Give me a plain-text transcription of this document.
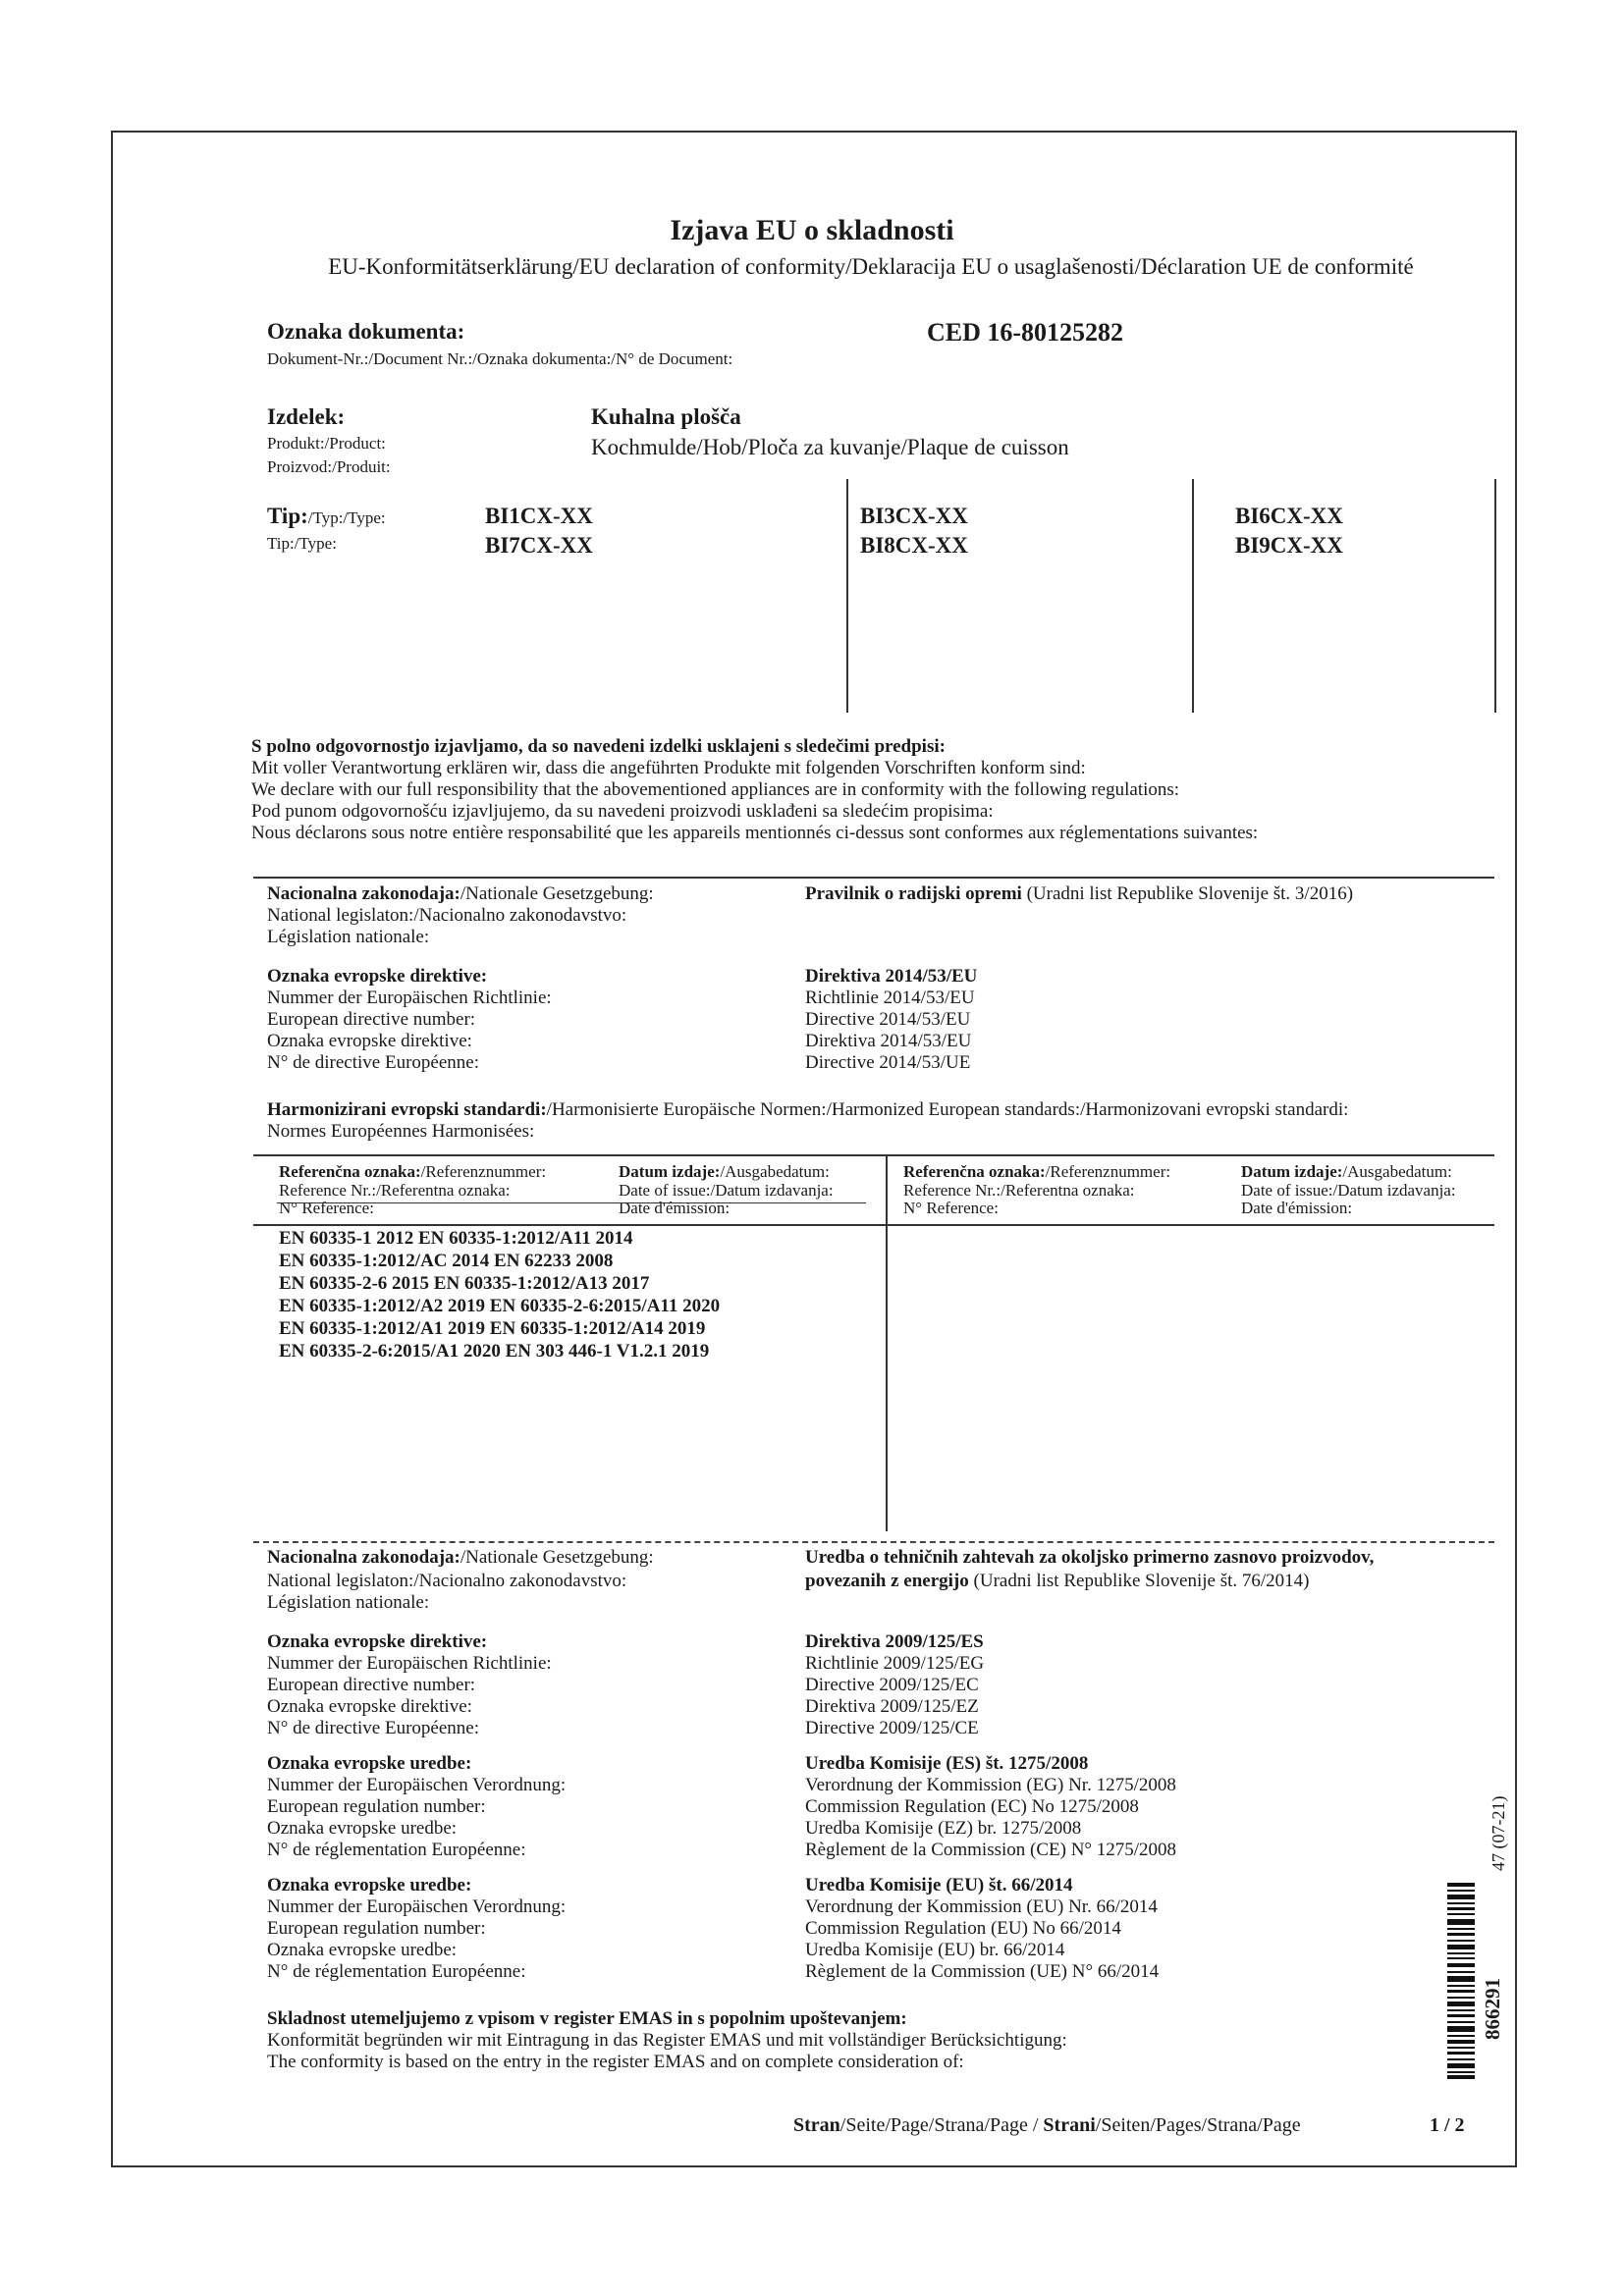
Izjava EU o skladnosti
EU-Konformitätserklärung/EU declaration of conformity/Deklaracija EU o usaglašenosti/Déclaration UE de conformité
Oznaka dokumenta:
Dokument-Nr.:/Document Nr.:/Oznaka dokumenta:/N° de Document:
CED 16-80125282
Izdelek:
Produkt:/Product:
Proizvod:/Produit:
Kuhalna plošča
Kochmulde/Hob/Ploča za kuvanje/Plaque de cuisson
Tip:/Typ:/Type:
Tip:/Type:
BI1CX-XX
BI7CX-XX
BI3CX-XX
BI8CX-XX
BI6CX-XX
BI9CX-XX
S polno odgovornostjo izjavljamo, da so navedeni izdelki usklajeni s sledečimi predpisi:
Mit voller Verantwortung erklären wir, dass die angeführten Produkte mit folgenden Vorschriften konform sind:
We declare with our full responsibility that the abovementioned appliances are in conformity with the following regulations:
Pod punom odgovornošću izjavljujemo, da su navedeni proizvodi usklađeni sa sledećim propisima:
Nous déclarons sous notre entière responsabilité que les appareils mentionnés ci-dessus sont conformes aux réglementations suivantes:
Nacionalna zakonodaja:/Nationale Gesetzgebung:
National legislaton:/Nacionalno zakonodavstvo:
Législation nationale:
Pravilnik o radijski opremi (Uradni list Republike Slovenije št. 3/2016)
Oznaka evropske direktive:
Nummer der Europäischen Richtlinie:
European directive number:
Oznaka evropske direktive:
N° de directive Européenne:
Direktiva 2014/53/EU
Richtlinie 2014/53/EU
Directive 2014/53/EU
Direktiva 2014/53/EU
Directive 2014/53/UE
Harmonizirani evropski standardi:/Harmonisierte Europäische Normen:/Harmonized European standards:/Harmonizovani evropski standardi:
Normes Européennes Harmonisées:
Referenčna oznaka:/Referenznummer:
Reference Nr.:/Referentna oznaka:
N° Reference:
Datum izdaje:/Ausgabedatum:
Date of issue:/Datum izdavanja:
Date d'émission:
Referenčna oznaka:/Referenznummer:
Reference Nr.:/Referentna oznaka:
N° Reference:
Datum izdaje:/Ausgabedatum:
Date of issue:/Datum izdavanja:
Date d'émission:
EN 60335-1 2012 EN 60335-1:2012/A11 2014
EN 60335-1:2012/AC 2014 EN 62233 2008
EN 60335-2-6 2015 EN 60335-1:2012/A13 2017
EN 60335-1:2012/A2 2019 EN 60335-2-6:2015/A11 2020
EN 60335-1:2012/A1 2019 EN 60335-1:2012/A14 2019
EN 60335-2-6:2015/A1 2020 EN 303 446-1 V1.2.1 2019
Nacionalna zakonodaja:/Nationale Gesetzgebung:
National legislaton:/Nacionalno zakonodavstvo:
Législation nationale:
Uredba o tehničnih zahtevah za okoljsko primerno zasnovo proizvodov,
povezanih z energijo (Uradni list Republike Slovenije št. 76/2014)
Oznaka evropske direktive:
Nummer der Europäischen Richtlinie:
European directive number:
Oznaka evropske direktive:
N° de directive Européenne:
Direktiva 2009/125/ES
Richtlinie 2009/125/EG
Directive 2009/125/EC
Direktiva 2009/125/EZ
Directive 2009/125/CE
Oznaka evropske uredbe:
Nummer der Europäischen Verordnung:
European regulation number:
Oznaka evropske uredbe:
N° de réglementation Européenne:
Uredba Komisije (ES) št. 1275/2008
Verordnung der Kommission (EG) Nr. 1275/2008
Commission Regulation (EC) No 1275/2008
Uredba Komisije (EZ) br. 1275/2008
Règlement de la Commission (CE) N° 1275/2008
Oznaka evropske uredbe:
Nummer der Europäischen Verordnung:
European regulation number:
Oznaka evropske uredbe:
N° de réglementation Européenne:
Uredba Komisije (EU) št. 66/2014
Verordnung der Kommission (EU) Nr. 66/2014
Commission Regulation (EU) No 66/2014
Uredba Komisije (EU) br. 66/2014
Règlement de la Commission (UE) N° 66/2014
Skladnost utemeljujemo z vpisom v register EMAS in s popolnim upoštevanjem:
Konformität begründen wir mit Eintragung in das Register EMAS und mit vollständiger Berücksichtigung:
The conformity is based on the entry in the register EMAS and on complete consideration of:
Stran/Seite/Page/Strana/Page / Strani/Seiten/Pages/Strana/Page	1 / 2
47 (07-21)
866291
